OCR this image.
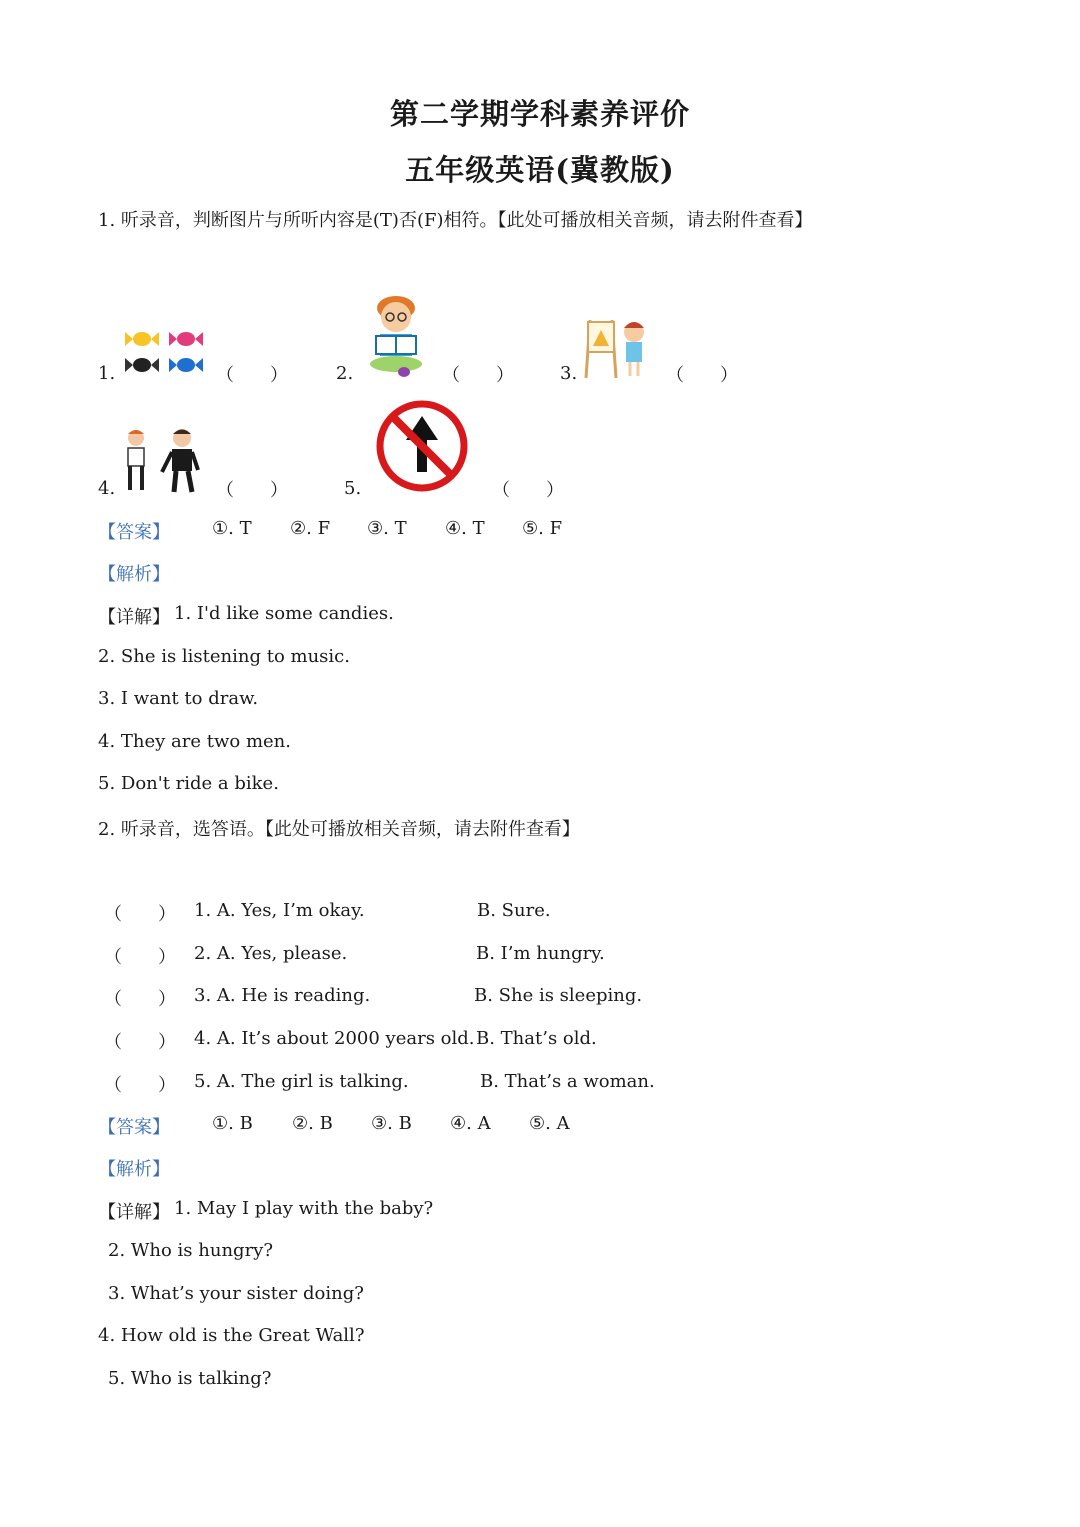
第二学期学科素养评价
五年级英语(冀教版)
1. 听录音，判断图片与所听内容是(T)否(F)相符。【此处可播放相关音频，请去附件查看】
1.	（　　）	2.	（　　）	3.	（　　）
4.	（　　）	5.	（　　）
【答案】 ①. T ②. F ③. T ④. T ⑤. F
【解析】
【详解】 1. I'd like some candies.
2. She is listening to music.
3. I want to draw.
4. They are two men.
5. Don't ride a bike.
2. 听录音，选答语。【此处可播放相关音频，请去附件查看】
（　　） 1. A. Yes, I’m okay.	B. Sure.
（　　） 2. A. Yes, please.	B. I’m hungry.
（　　） 3. A. He is reading.	B. She is sleeping.
（　　） 4. A. It’s about 2000 years old. B. That’s old.
（　　） 5. A. The girl is talking.	B. That’s a woman.
【答案】 ①. B ②. B ③. B ④. A ⑤. A
【解析】
【详解】 1. May I play with the baby?
2. Who is hungry?
3. What’s your sister doing?
4. How old is the Great Wall?
5. Who is talking?
